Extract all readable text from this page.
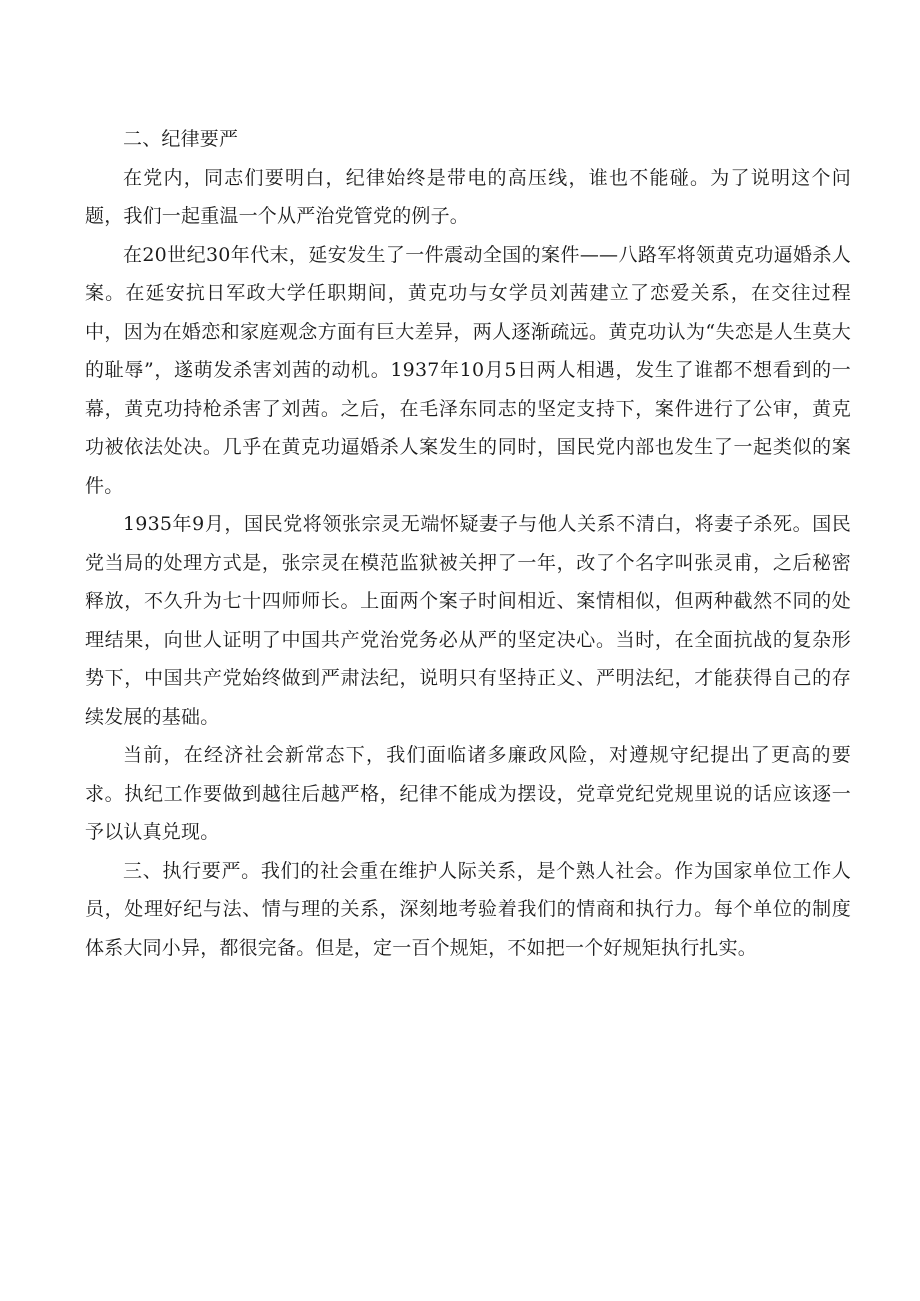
二、纪律要严

在党内，同志们要明白，纪律始终是带电的高压线，谁也不能碰。为了说明这个问题，我们一起重温一个从严治党管党的例子。

在20世纪30年代末，延安发生了一件震动全国的案件——八路军将领黄克功逼婚杀人案。在延安抗日军政大学任职期间，黄克功与女学员刘茜建立了恋爱关系，在交往过程中，因为在婚恋和家庭观念方面有巨大差异，两人逐渐疏远。黄克功认为“失恋是人生莫大的耻辱”，遂萌发杀害刘茜的动机。1937年10月5日两人相遇，发生了谁都不想看到的一幕，黄克功持枪杀害了刘茜。之后，在毛泽东同志的坚定支持下，案件进行了公审，黄克功被依法处决。几乎在黄克功逼婚杀人案发生的同时，国民党内部也发生了一起类似的案件。

1935年9月，国民党将领张宗灵无端怀疑妻子与他人关系不清白，将妻子杀死。国民党当局的处理方式是，张宗灵在模范监狱被关押了一年，改了个名字叫张灵甫，之后秘密释放，不久升为七十四师师长。上面两个案子时间相近、案情相似，但两种截然不同的处理结果，向世人证明了中国共产党治党务必从严的坚定决心。当时，在全面抗战的复杂形势下，中国共产党始终做到严肃法纪，说明只有坚持正义、严明法纪，才能获得自己的存续发展的基础。

当前，在经济社会新常态下，我们面临诸多廉政风险，对遵规守纪提出了更高的要求。执纪工作要做到越往后越严格，纪律不能成为摆设，党章党纪党规里说的话应该逐一予以认真兑现。

三、执行要严。我们的社会重在维护人际关系，是个熟人社会。作为国家单位工作人员，处理好纪与法、情与理的关系，深刻地考验着我们的情商和执行力。每个单位的制度体系大同小异，都很完备。但是，定一百个规矩，不如把一个好规矩执行扎实。
